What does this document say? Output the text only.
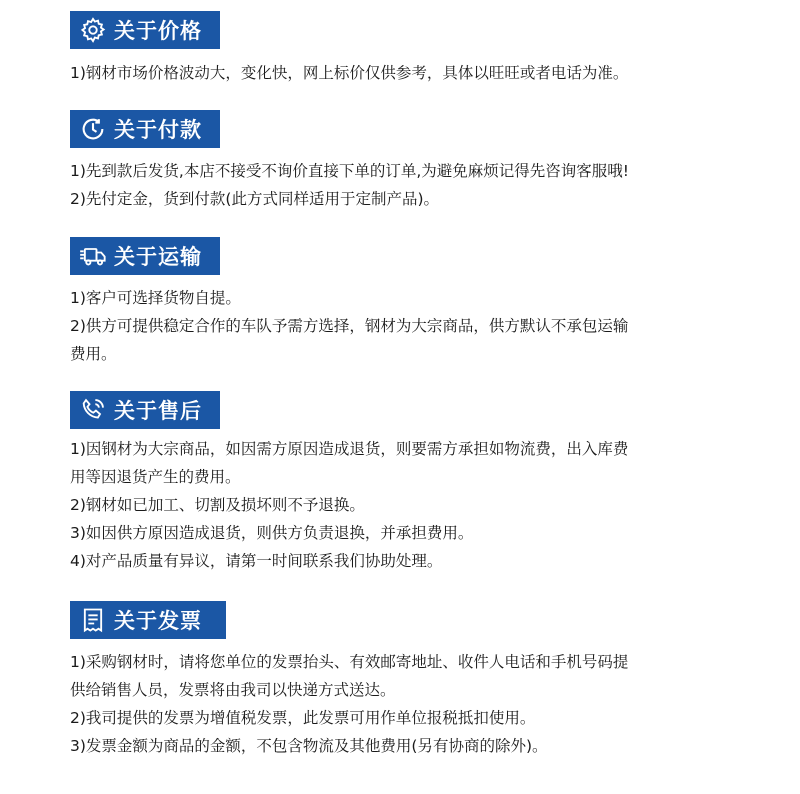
关于价格
1)钢材市场价格波动大，变化快，网上标价仅供参考，具体以旺旺或者电话为准。
关于付款
1)先到款后发货,本店不接受不询价直接下单的订单,为避免麻烦记得先咨询客服哦!
2)先付定金，货到付款(此方式同样适用于定制产品)。
关于运输
1)客户可选择货物自提。
2)供方可提供稳定合作的车队予需方选择，钢材为大宗商品，供方默认不承包运输
费用。
关于售后
1)因钢材为大宗商品，如因需方原因造成退货，则要需方承担如物流费，出入库费
用等因退货产生的费用。
2)钢材如已加工、切割及损坏则不予退换。
3)如因供方原因造成退货，则供方负责退换，并承担费用。
4)对产品质量有异议，请第一时间联系我们协助处理。
关于发票
1)采购钢材时，请将您单位的发票抬头、有效邮寄地址、收件人电话和手机号码提
供给销售人员，发票将由我司以快递方式送达。
2)我司提供的发票为增值税发票，此发票可用作单位报税抵扣使用。
3)发票金额为商品的金额，不包含物流及其他费用(另有协商的除外)。
